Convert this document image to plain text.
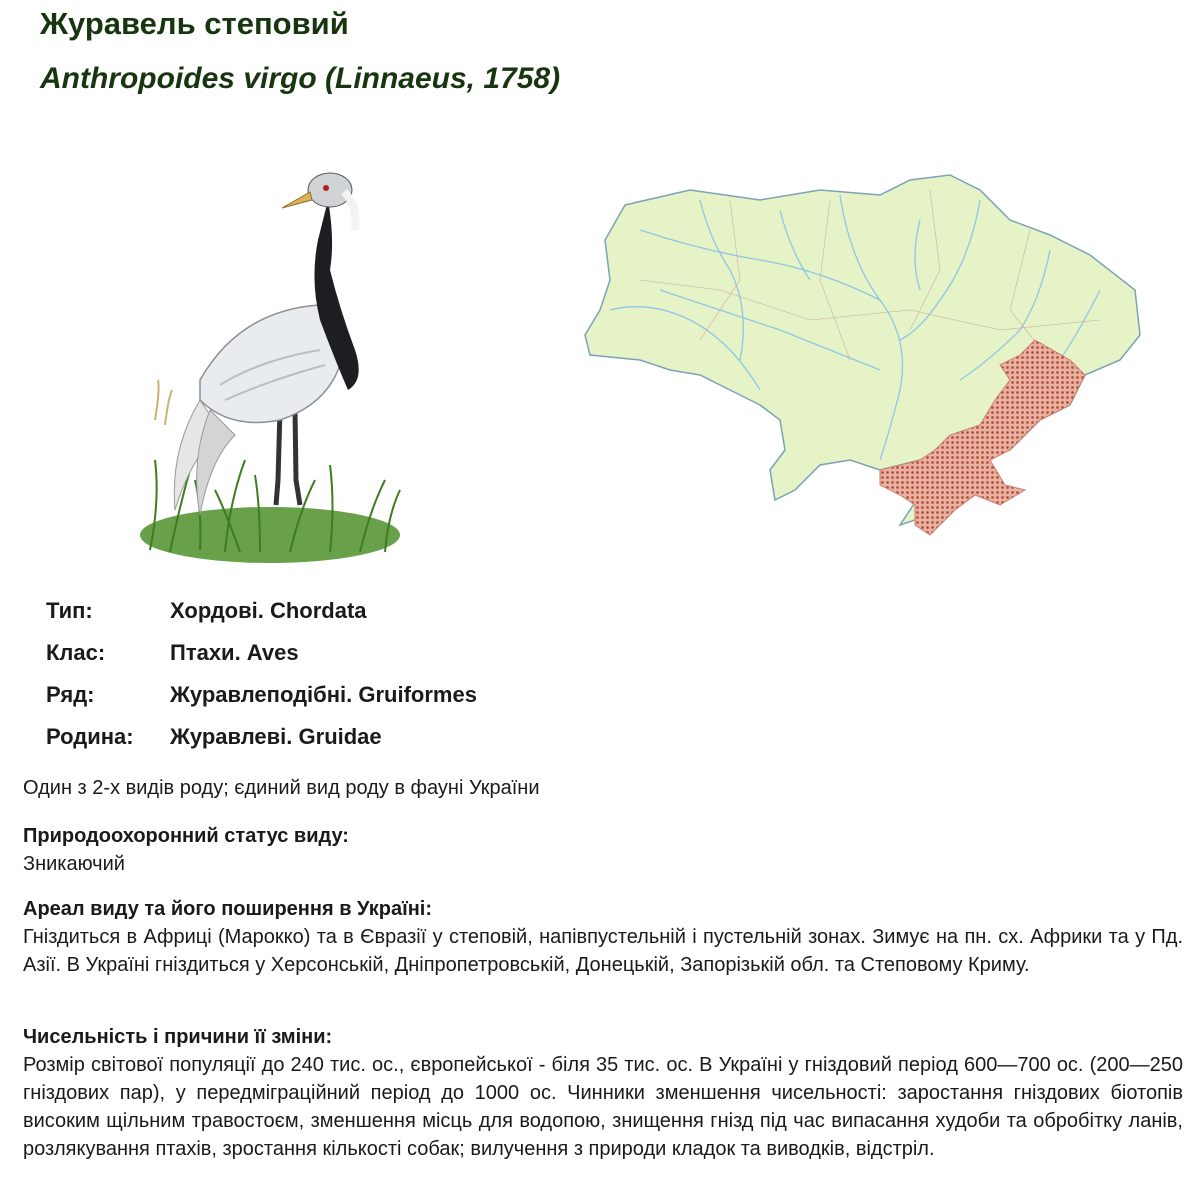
Журавель степовий
Anthropoides virgo (Linnaeus, 1758)
Тип:	Хордові. Chordata
Клас:	Птахи. Aves
Ряд:	Журавлеподібні. Gruiformes
Родина:	Журавлеві. Gruidae
Один з 2-х видів роду; єдиний вид роду в фауні України
Природоохоронний статус виду:
Зникаючий
Ареал виду та його поширення в Україні:
Гніздиться в Африці (Марокко) та в Євразії у степовій, напівпустельній і пустельній зонах. Зимує на пн. сх. Африки та у Пд. Азії. В Україні гніздиться у Херсонській, Дніпропетровській, Донецькій, Запорізькій обл. та Степовому Криму.
Чисельність і причини її зміни:
Розмір світової популяції до 240 тис. ос., європейської - біля 35 тис. ос. В Україні у гніздовий період 600—700 ос. (200—250 гніздових пар), у передміграційний період до 1000 ос. Чинники зменшення чисельності: заростання гніздових біотопів високим щільним травостоєм, зменшення місць для водопою, знищення гнізд під час випасання худоби та обробітку ланів, розлякування птахів, зростання кількості собак; вилучення з природи кладок та виводків, відстріл.
